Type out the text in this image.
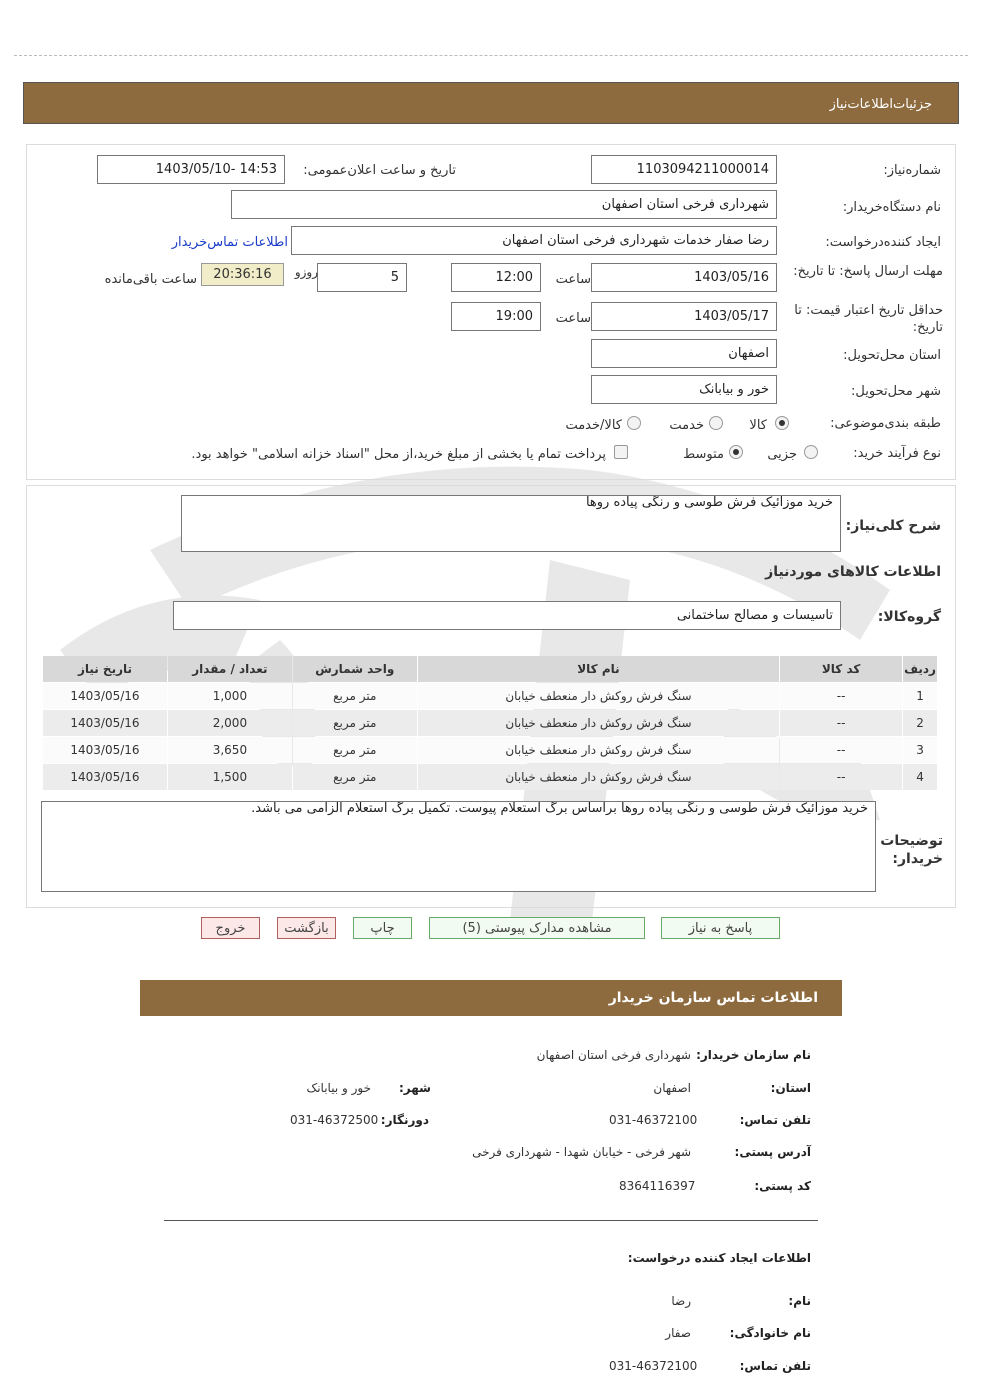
جزئیات‌اطلاعات‌نیاز
شمارەنیاز:
1103094211000014
تاریخ و ساعت اعلان‌عمومی:
1403/05/10- 14:53
نام دستگاەخریدار:
شهرداری فرخی استان اصفهان
ایجاد کنندەدرخواست:
رضا صفار خدمات شهرداری فرخی استان اصفهان
اطلاعات تماس‌خریدار
مهلت ارسال پاسخ: تا تاریخ:
1403/05/16
ساعت
12:00
5
روزو
20:36:16
ساعت باقی‌مانده
حداقل تاریخ اعتبار قیمت: تا تاریخ:
1403/05/17
ساعت
19:00
استان محل‌تحویل:
اصفهان
شهر محل‌تحویل:
خور و بیابانک
طبقه بندی‌موضوعی:
کالا
خدمت
کالا/خدمت
نوع فرآیند خرید:
جزیی
متوسط
پرداخت تمام یا بخشی از مبلغ خرید،از محل "اسناد خزانه اسلامی" خواهد بود.
شرح کلی‌نیاز:
خرید موزائیک فرش طوسی و رنگی پیاده روها
اطلاعات کالاهای موردنیاز
گروەکالا:
تاسیسات و مصالح ساختمانی
ردیف	کد کالا	نام کالا	واحد شمارش	تعداد / مقدار	تاریخ نیاز
1	--	سنگ فرش روکش دار منعطف خیابان	متر مربع	1,000	1403/05/16
2	--	سنگ فرش روکش دار منعطف خیابان	متر مربع	2,000	1403/05/16
3	--	سنگ فرش روکش دار منعطف خیابان	متر مربع	3,650	1403/05/16
4	--	سنگ فرش روکش دار منعطف خیابان	متر مربع	1,500	1403/05/16
خرید موزائیک فرش طوسی و رنگی پیاده روها براساس برگ استعلام پیوست. تکمیل برگ استعلام الزامی می باشد.
توضیحات خریدار:
پاسخ به نیاز
مشاهده مدارک پیوستی (5)
چاپ
بازگشت
خروج
اطلاعات تماس سازمان خریدار
نام سازمان خریدار:
شهرداری فرخی استان اصفهان
استان:
اصفهان
شهر:
خور و بیابانک
تلفن تماس:
031-46372100
دورنگار:
031-46372500
آدرس پستی:
شهر فرخی - خیابان شهدا - شهرداری فرخی
کد پستی:
8364116397
اطلاعات ایجاد کننده درخواست:
نام:
رضا
نام خانوادگی:
صفار
تلفن تماس:
031-46372100
